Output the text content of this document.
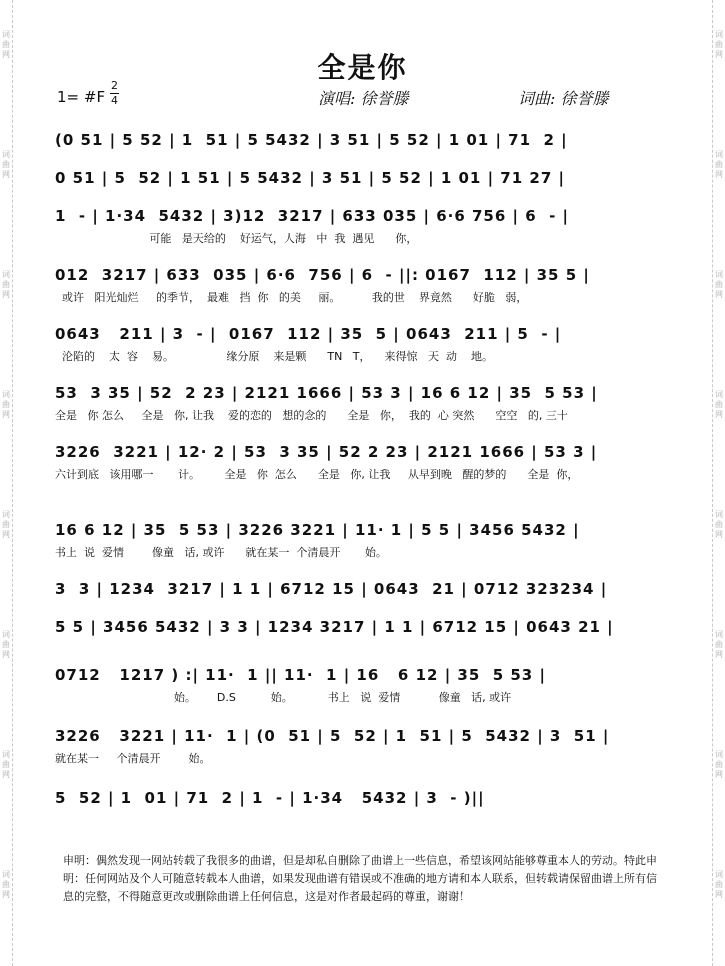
词曲网
词曲网
词曲网
词曲网
词曲网
词曲网
词曲网
词曲网
词曲网
词曲网
词曲网
词曲网
词曲网
词曲网
词曲网
词曲网
全是你
1= #F
2
4	演唱: 徐誉滕	词曲: 徐誉滕
(0 51 | 5 52 | 1  51 | 5 5432 | 3 51 | 5 52 | 1 01 | 71  2 |
0 51 | 5  52 | 1 51 | 5 5432 | 3 51 | 5 52 | 1 01 | 71 27 |
1  - | 1·34  5432 | 3)12  3217 | 633 035 | 6·6 756 | 6  - |
可能   是天给的    好运气，人海   中  我  遇见      你，
012  3217 | 633  035 | 6·6  756 | 6  - ||: 0167  112 | 35 5 |
或许   阳光灿烂     的季节，  最难   挡  你   的美     丽。         我的世    界竟然      好脆   弱，
0643   211 | 3  - |  0167  112 | 35  5 | 0643  211 | 5  - |
沦陷的    太  容    易。               缘分原    来是颗      TN   T，    来得惊   天  动    地。
53  3 35 | 52  2 23 | 2121 1666 | 53 3 | 16 6 12 | 35  5 53 |
全是   你 怎么     全是   你, 让我    爱的恋的   想的念的      全是   你，  我的  心 突然      空空   的, 三十
3226  3221 | 12· 2 | 53  3 35 | 52 2 23 | 2121 1666 | 53 3 |
六计到底   该用哪一       计。       全是   你  怎么      全是   你, 让我     从早到晚   醒的梦的      全是  你，
16 6 12 | 35  5 53 | 3226 3221 | 11· 1 | 5 5 | 3456 5432 |
书上  说  爱情        像童   话, 或许      就在某一  个清晨开       始。
3  3 | 1234  3217 | 1 1 | 6712 15 | 0643  21 | 0712 323234 |
5 5 | 3456 5432 | 3 3 | 1234 3217 | 1 1 | 6712 15 | 0643 21 |
0712   1217 ) :| 11·  1 || 11·  1 | 16   6 12 | 35  5 53 |
始。      D.S          始。          书上   说  爱情           像童   话, 或许
3226   3221 | 11·  1 | (0  51 | 5  52 | 1  51 | 5  5432 | 3  51 |
就在某一     个清晨开        始。
5  52 | 1  01 | 71  2 | 1  - | 1·34   5432 | 3  - )||
申明：偶然发现一网站转载了我很多的曲谱，但是却私自删除了曲谱上一些信息，希望该网站能够尊重本人的劳动。特此申明：任何网站及个人可随意转载本人曲谱，如果发现曲谱有错误或不准确的地方请和本人联系，但转载请保留曲谱上所有信息的完整，不得随意更改或删除曲谱上任何信息，这是对作者最起码的尊重，谢谢！
